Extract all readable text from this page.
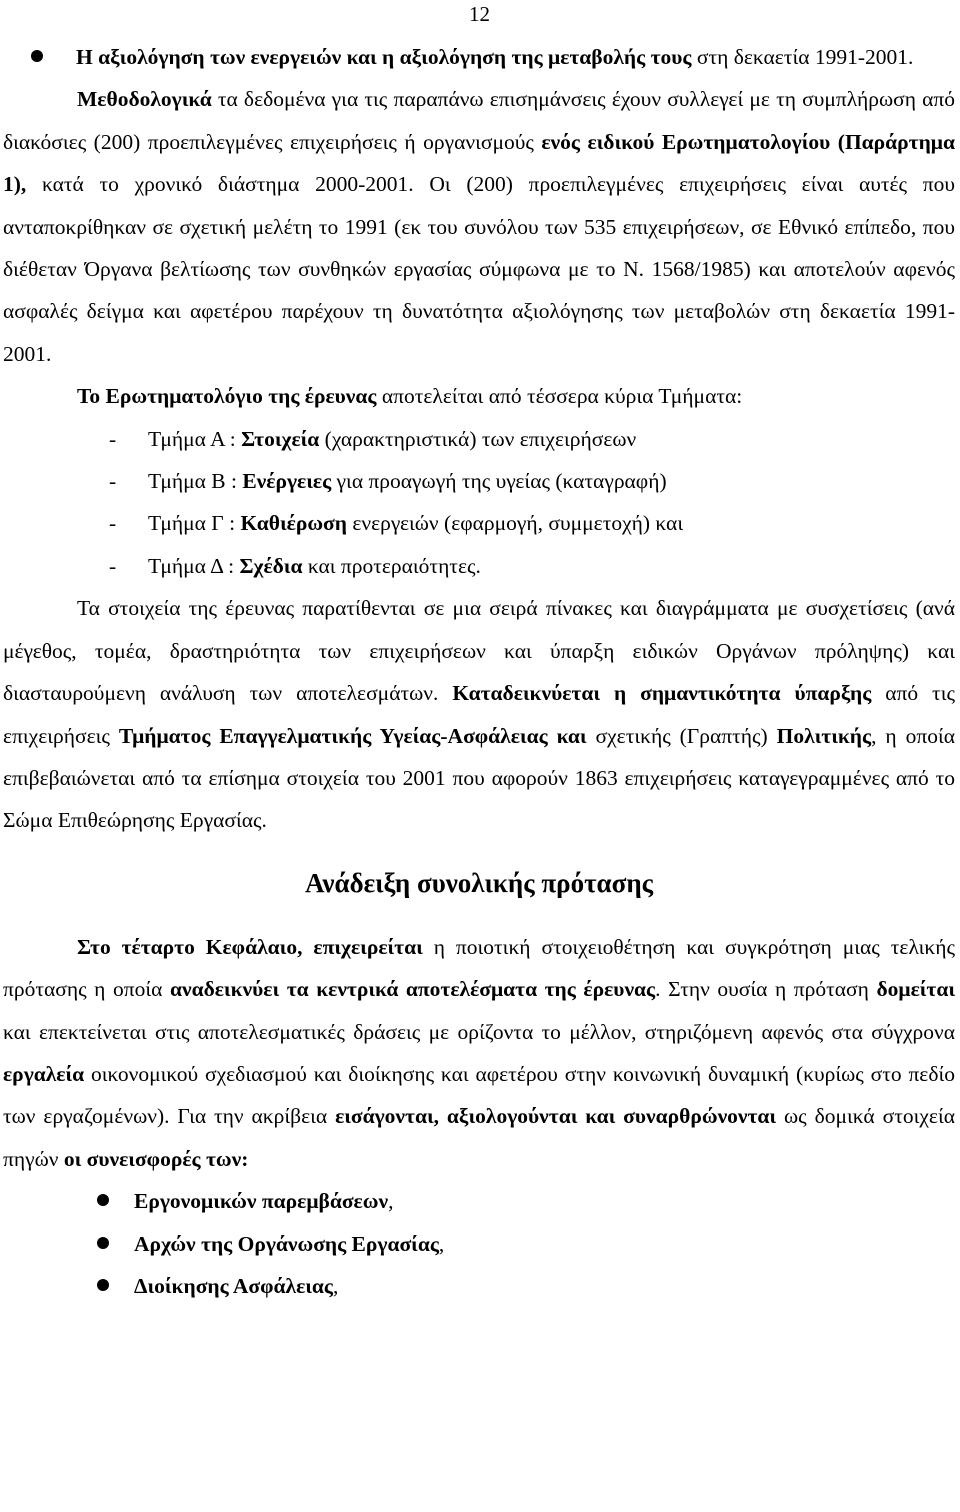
12
Η αξιολόγηση των ενεργειών και η αξιολόγηση της μεταβολής τους στη δεκαετία 1991-2001.

Μεθοδολογικά τα δεδομένα για τις παραπάνω επισημάνσεις έχουν συλλεγεί με τη συμπλήρωση από διακόσιες (200) προεπιλεγμένες επιχειρήσεις ή οργανισμούς ενός ειδικού Ερωτηματολογίου (Παράρτημα 1), κατά το χρονικό διάστημα 2000-2001. Οι (200) προεπιλεγμένες επιχειρήσεις είναι αυτές που ανταποκρίθηκαν σε σχετική μελέτη το 1991 (εκ του συνόλου των 535 επιχειρήσεων, σε Εθνικό επίπεδο, που διέθεταν Όργανα βελτίωσης των συνθηκών εργασίας σύμφωνα με το Ν. 1568/1985) και αποτελούν αφενός ασφαλές δείγμα και αφετέρου παρέχουν τη δυνατότητα αξιολόγησης των μεταβολών στη δεκαετία 1991-2001.

Το Ερωτηματολόγιο της έρευνας αποτελείται από τέσσερα κύρια Τμήματα:

- Τμήμα Α : Στοιχεία (χαρακτηριστικά) των επιχειρήσεων
- Τμήμα Β : Ενέργειες για προαγωγή της υγείας (καταγραφή)
- Τμήμα Γ : Καθιέρωση ενεργειών (εφαρμογή, συμμετοχή) και
- Τμήμα Δ : Σχέδια και προτεραιότητες.

Τα στοιχεία της έρευνας παρατίθενται σε μια σειρά πίνακες και διαγράμματα με συσχετίσεις (ανά μέγεθος, τομέα, δραστηριότητα των επιχειρήσεων και ύπαρξη ειδικών Οργάνων πρόληψης) και διασταυρούμενη ανάλυση των αποτελεσμάτων. Καταδεικνύεται η σημαντικότητα ύπαρξης από τις επιχειρήσεις Τμήματος Επαγγελματικής Υγείας-Ασφάλειας και σχετικής (Γραπτής) Πολιτικής, η οποία επιβεβαιώνεται από τα επίσημα στοιχεία του 2001 που αφορούν 1863 επιχειρήσεις καταγεγραμμένες από το Σώμα Επιθεώρησης Εργασίας.

Ανάδειξη συνολικής πρότασης

Στο τέταρτο Κεφάλαιο, επιχειρείται η ποιοτική στοιχειοθέτηση και συγκρότηση μιας τελικής πρότασης η οποία αναδεικνύει τα κεντρικά αποτελέσματα της έρευνας. Στην ουσία η πρόταση δομείται και επεκτείνεται στις αποτελεσματικές δράσεις με ορίζοντα το μέλλον, στηριζόμενη αφενός στα σύγχρονα εργαλεία οικονομικού σχεδιασμού και διοίκησης και αφετέρου στην κοινωνική δυναμική (κυρίως στο πεδίο των εργαζομένων). Για την ακρίβεια εισάγονται, αξιολογούνται και συναρθρώνονται ως δομικά στοιχεία πηγών οι συνεισφορές των:

Εργονομικών παρεμβάσεων,
Αρχών της Οργάνωσης Εργασίας,
Διοίκησης Ασφάλειας,
